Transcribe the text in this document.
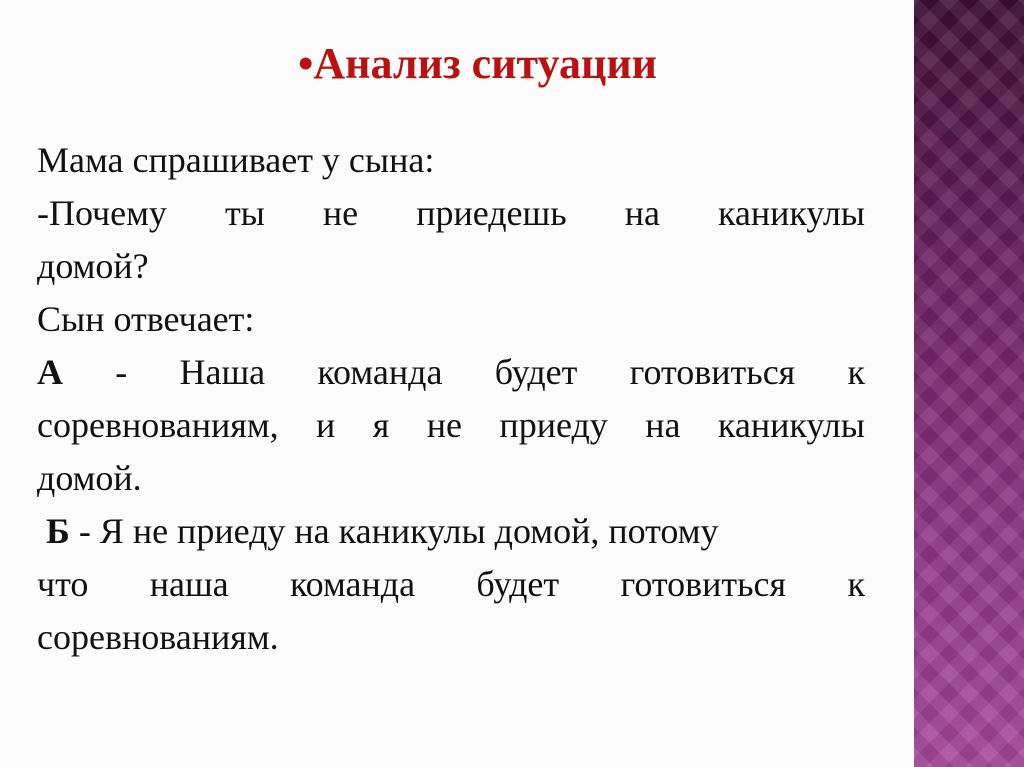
•Анализ ситуации
Мама спрашивает у сына:
-Почему ты не приедешь на каникулы
домой?
Сын отвечает:
А - Наша команда будет готовиться к
соревнованиям, и я не приеду на каникулы
домой.
Б - Я не приеду на каникулы домой, потому
что наша команда будет готовиться к
соревнованиям.
